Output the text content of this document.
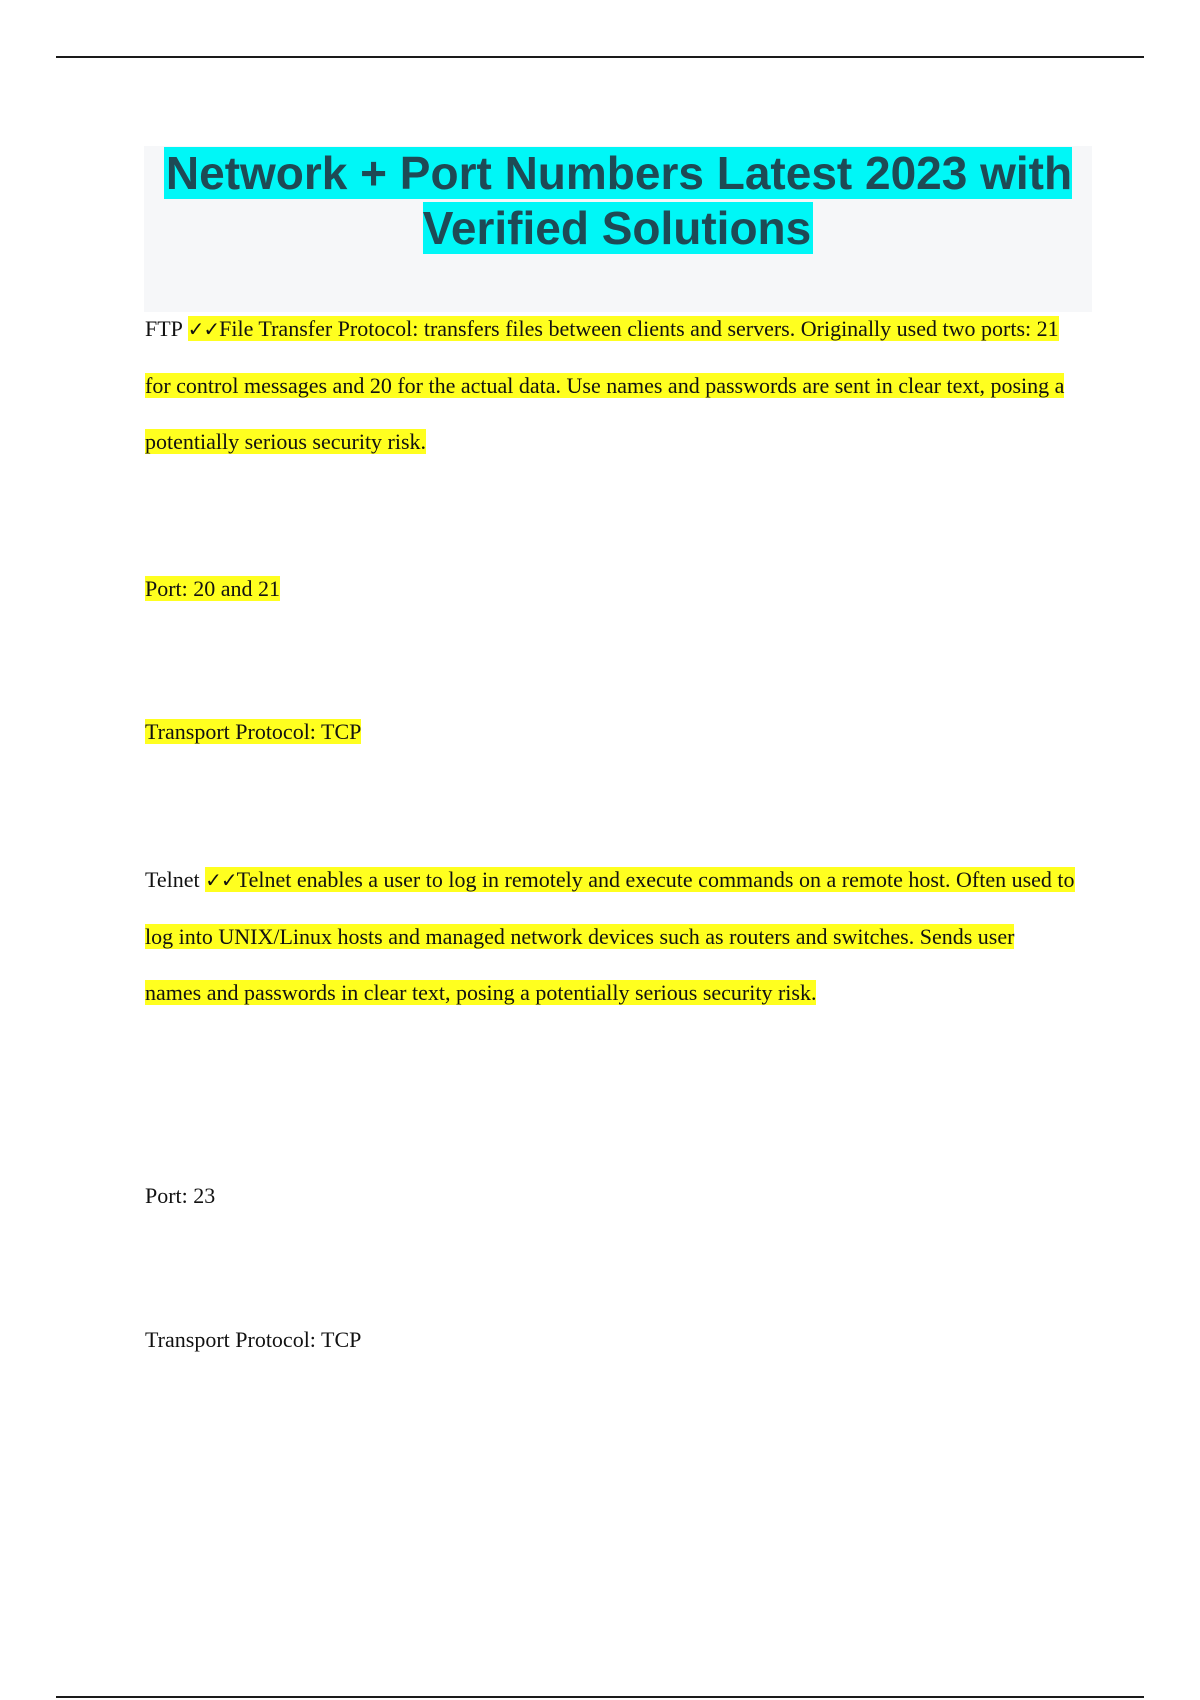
Network + Port Numbers Latest 2023 with Verified Solutions

FTP ✓✓File Transfer Protocol: transfers files between clients and servers. Originally used two ports: 21 for control messages and 20 for the actual data. Use names and passwords are sent in clear text, posing a potentially serious security risk.

Port: 20 and 21
Transport Protocol: TCP

Telnet ✓✓Telnet enables a user to log in remotely and execute commands on a remote host. Often used to log into UNIX/Linux hosts and managed network devices such as routers and switches. Sends user names and passwords in clear text, posing a potentially serious security risk.

Port: 23
Transport Protocol: TCP
